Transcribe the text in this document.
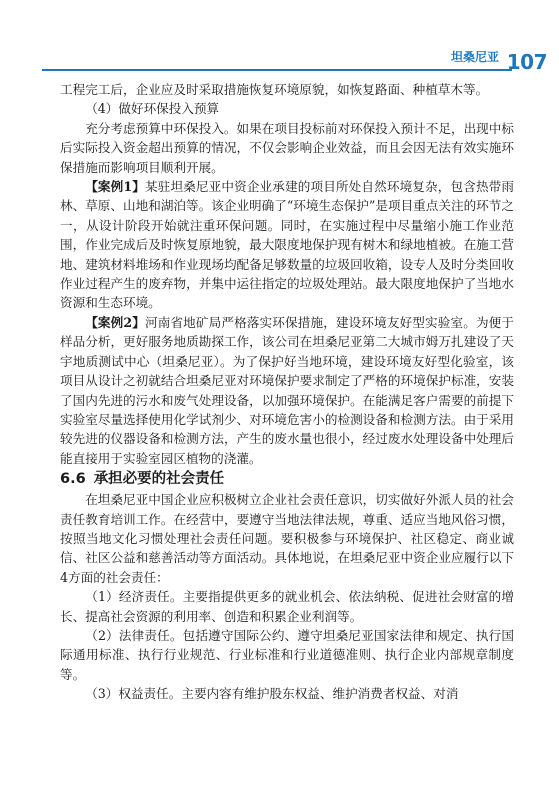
坦桑尼亚 107

工程完工后，企业应及时采取措施恢复环境原貌，如恢复路面、种植草木等。

（4）做好环保投入预算

充分考虑预算中环保投入。如果在项目投标前对环保投入预计不足，出现中标后实际投入资金超出预算的情况，不仅会影响企业效益，而且会因无法有效实施环保措施而影响项目顺利开展。

【案例1】某驻坦桑尼亚中资企业承建的项目所处自然环境复杂，包含热带雨林、草原、山地和湖泊等。该企业明确了“环境生态保护”是项目重点关注的环节之一，从设计阶段开始就注重环保问题。同时，在实施过程中尽量缩小施工作业范围，作业完成后及时恢复原地貌，最大限度地保护现有树木和绿地植被。在施工营地、建筑材料堆场和作业现场均配备足够数量的垃圾回收箱，设专人及时分类回收作业过程产生的废弃物，并集中运往指定的垃圾处理站。最大限度地保护了当地水资源和生态环境。

【案例2】河南省地矿局严格落实环保措施，建设环境友好型实验室。为便于样品分析，更好服务地质勘探工作，该公司在坦桑尼亚第二大城市姆万扎建设了天宇地质测试中心（坦桑尼亚）。为了保护好当地环境，建设环境友好型化验室，该项目从设计之初就结合坦桑尼亚对环境保护要求制定了严格的环境保护标准，安装了国内先进的污水和废气处理设备，以加强环境保护。在能满足客户需要的前提下实验室尽量选择使用化学试剂少、对环境危害小的检测设备和检测方法。由于采用较先进的仪器设备和检测方法，产生的废水量也很小，经过废水处理设备中处理后能直接用于实验室园区植物的浇灌。

6.6 承担必要的社会责任

在坦桑尼亚中国企业应积极树立企业社会责任意识，切实做好外派人员的社会责任教育培训工作。在经营中，要遵守当地法律法规，尊重、适应当地风俗习惯，按照当地文化习惯处理社会责任问题。要积极参与环境保护、社区稳定、商业诚信、社区公益和慈善活动等方面活动。具体地说，在坦桑尼亚中资企业应履行以下4方面的社会责任：

（1）经济责任。主要指提供更多的就业机会、依法纳税、促进社会财富的增长、提高社会资源的利用率、创造和积累企业利润等。

（2）法律责任。包括遵守国际公约、遵守坦桑尼亚国家法律和规定、执行国际通用标准、执行行业规范、行业标准和行业道德准则、执行企业内部规章制度等。

（3）权益责任。主要内容有维护股东权益、维护消费者权益、对消
